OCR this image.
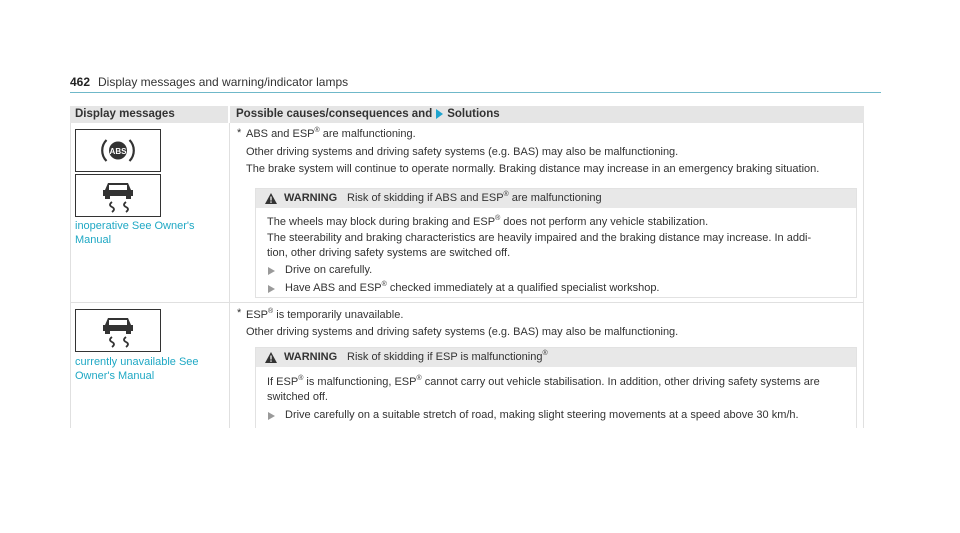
462 Display messages and warning/indicator lamps
Display messages	Possible causes/consequences and Solutions
ABS
inoperative See Owner's
Manual
* ABS and ESP® are malfunctioning.
Other driving systems and driving safety systems (e.g. BAS) may also be malfunctioning.
The brake system will continue to operate normally. Braking distance may increase in an emergency braking situation.
WARNING Risk of skidding if ABS and ESP® are malfunctioning
The wheels may block during braking and ESP® does not perform any vehicle stabilization.
The steerability and braking characteristics are heavily impaired and the braking distance may increase. In addi-
tion, other driving safety systems are switched off.
Drive on carefully.
Have ABS and ESP® checked immediately at a qualified specialist workshop.
currently unavailable See
Owner's Manual
* ESP® is temporarily unavailable.
Other driving systems and driving safety systems (e.g. BAS) may also be malfunctioning.
WARNING Risk of skidding if ESP is malfunctioning®
If ESP® is malfunctioning, ESP® cannot carry out vehicle stabilisation. In addition, other driving safety systems are
switched off.
Drive carefully on a suitable stretch of road, making slight steering movements at a speed above 30 km/h.
